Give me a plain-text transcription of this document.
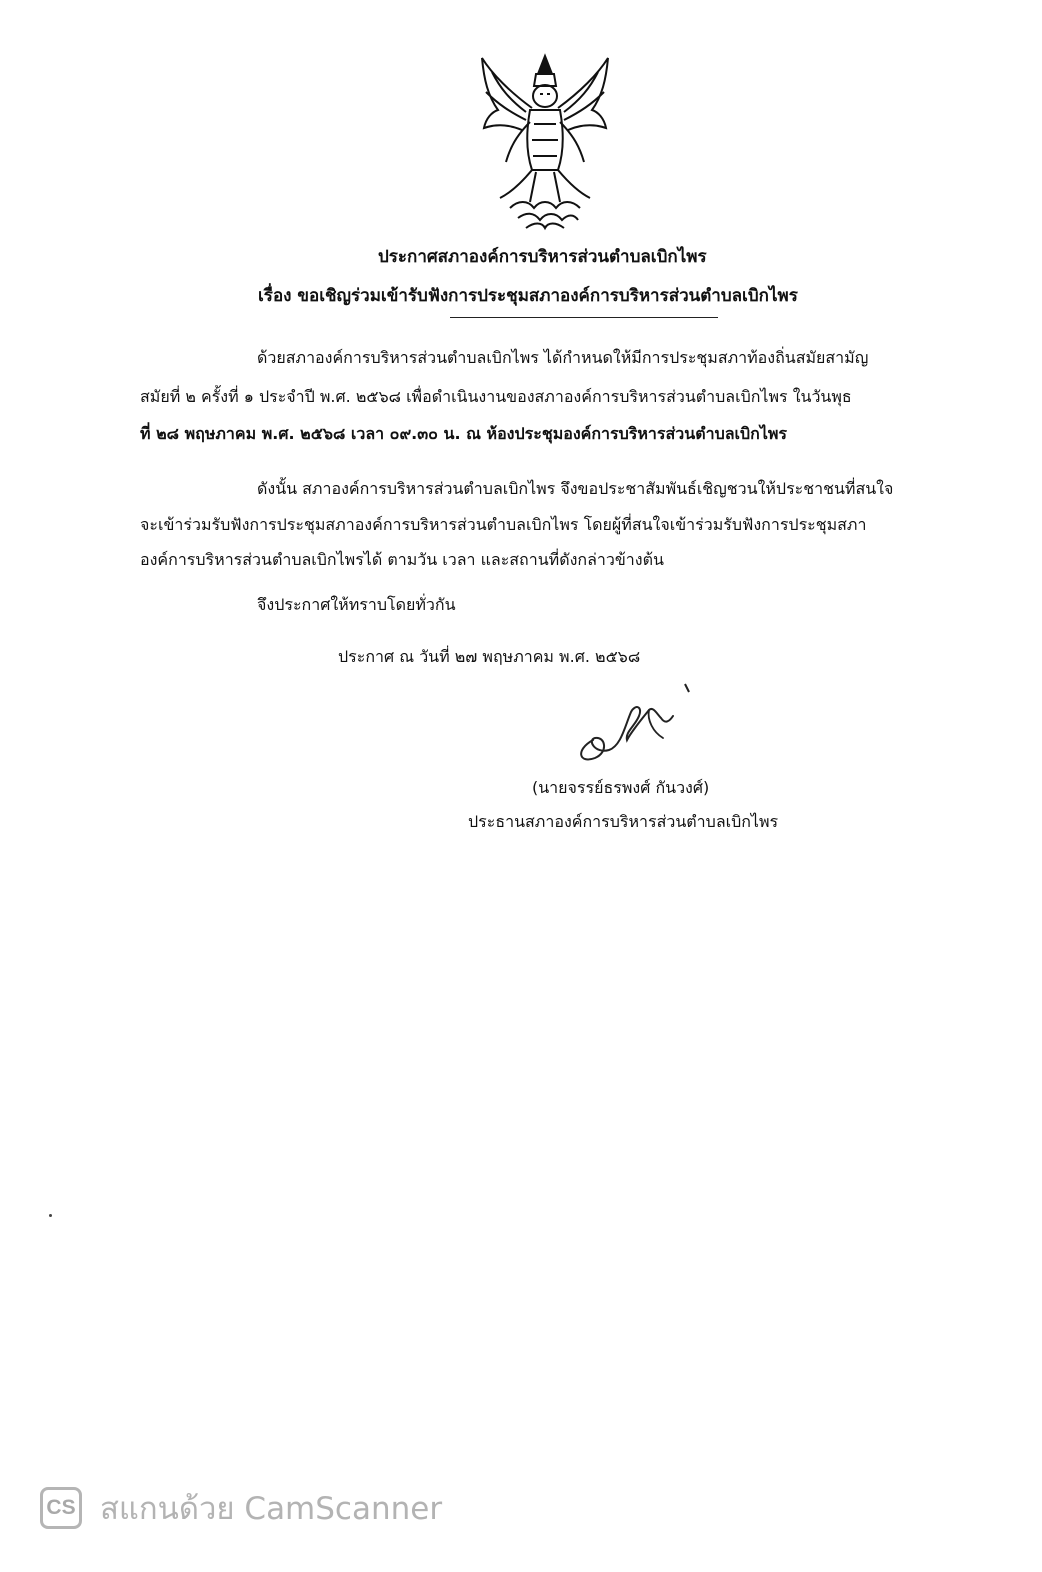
ประกาศสภาองค์การบริหารส่วนตำบลเบิกไพร
เรื่อง ขอเชิญร่วมเข้ารับฟังการประชุมสภาองค์การบริหารส่วนตำบลเบิกไพร
ด้วยสภาองค์การบริหารส่วนตำบลเบิกไพร ได้กำหนดให้มีการประชุมสภาท้องถิ่นสมัยสามัญ
สมัยที่ ๒ ครั้งที่ ๑ ประจำปี พ.ศ. ๒๕๖๘ เพื่อดำเนินงานของสภาองค์การบริหารส่วนตำบลเบิกไพร ในวันพุธ
ที่ ๒๘ พฤษภาคม พ.ศ. ๒๕๖๘ เวลา ๐๙.๓๐ น. ณ ห้องประชุมองค์การบริหารส่วนตำบลเบิกไพร
ดังนั้น สภาองค์การบริหารส่วนตำบลเบิกไพร จึงขอประชาสัมพันธ์เชิญชวนให้ประชาชนที่สนใจ
จะเข้าร่วมรับฟังการประชุมสภาองค์การบริหารส่วนตำบลเบิกไพร โดยผู้ที่สนใจเข้าร่วมรับฟังการประชุมสภา
องค์การบริหารส่วนตำบลเบิกไพรได้ ตามวัน เวลา และสถานที่ดังกล่าวข้างต้น
จึงประกาศให้ทราบโดยทั่วกัน
ประกาศ ณ วันที่ ๒๗ พฤษภาคม พ.ศ. ๒๕๖๘
(นายจรรย์ธรพงศ์ กันวงศ์)
ประธานสภาองค์การบริหารส่วนตำบลเบิกไพร
CS สแกนด้วย CamScanner
